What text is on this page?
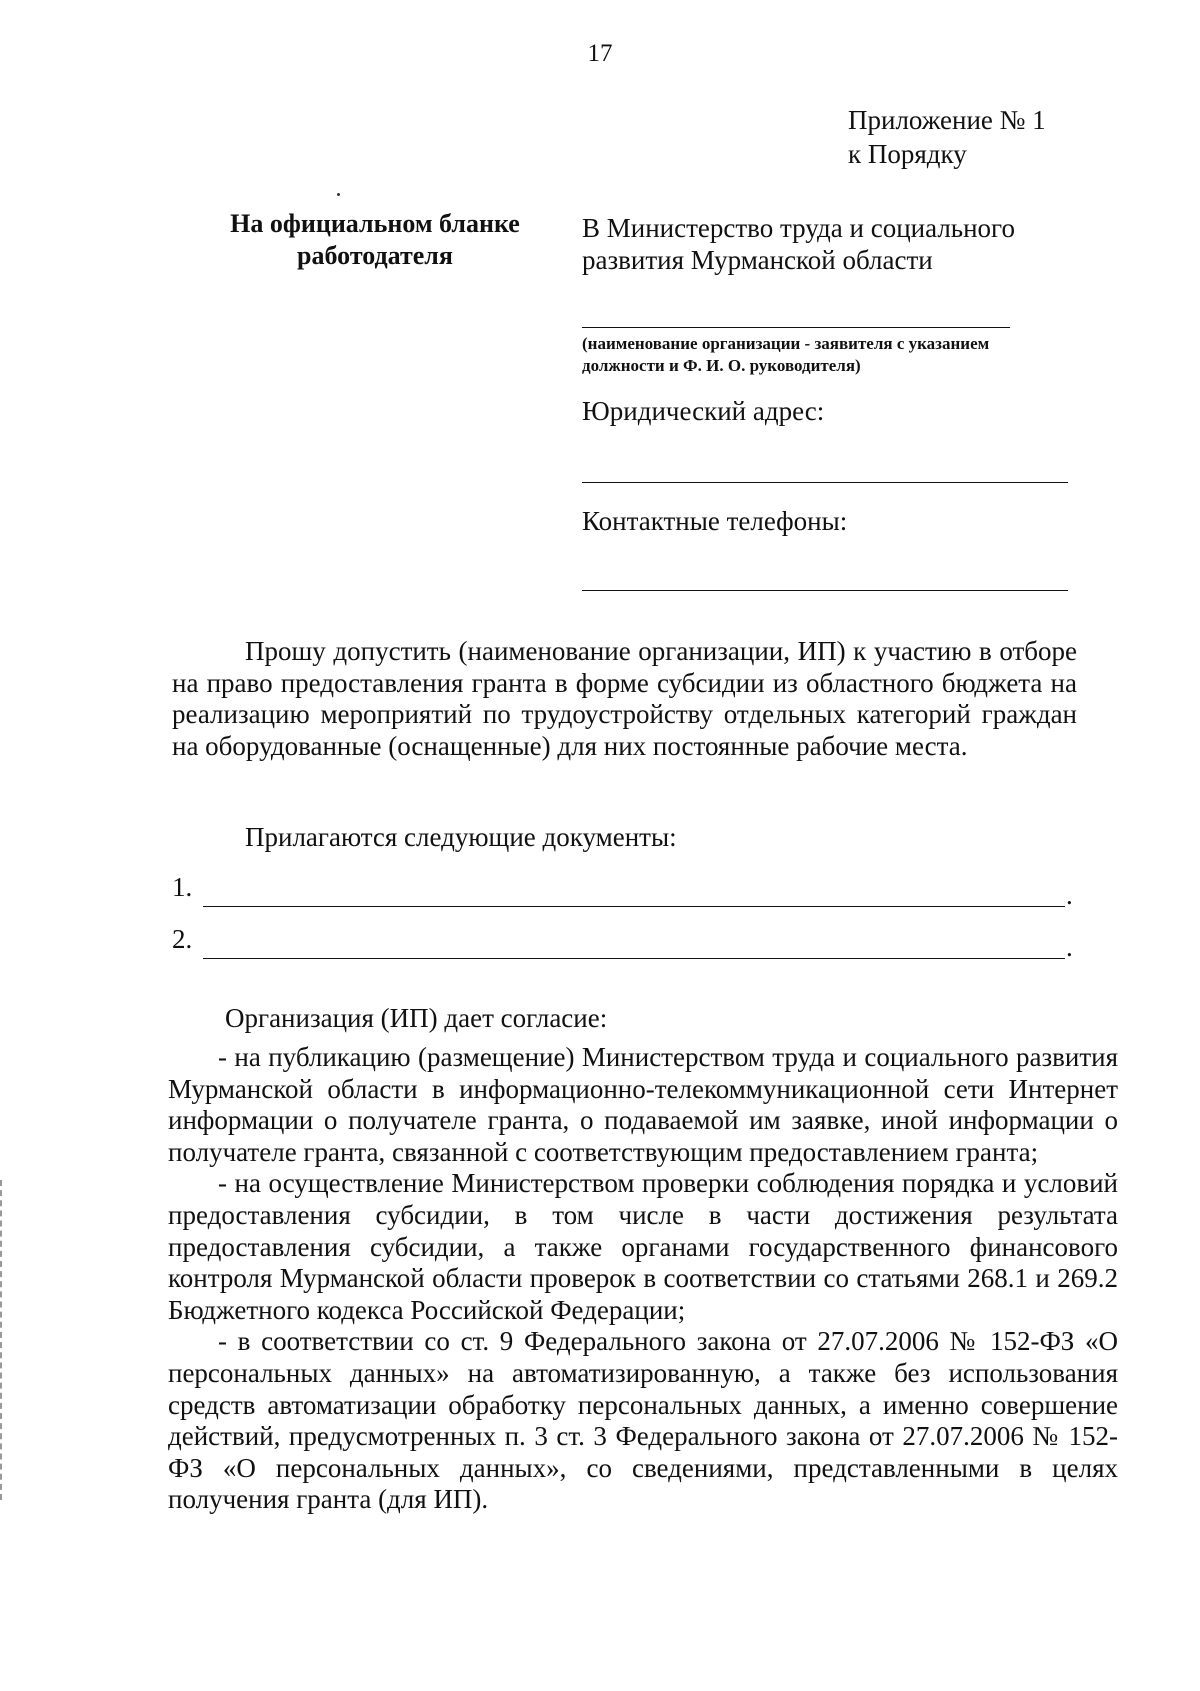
17
Приложение № 1
к Порядку
На официальном бланке
работодателя
В Министерство труда и социального
развития Мурманской области
(наименование организации - заявителя с указанием
должности и Ф. И. О. руководителя)
Юридический адрес:
Контактные телефоны:
Прошу допустить (наименование организации, ИП) к участию в отборе на право предоставления гранта в форме субсидии из областного бюджета на реализацию мероприятий по трудоустройству отдельных категорий граждан на оборудованные (оснащенные) для них постоянные рабочие места.
Прилагаются следующие документы:
1.	.
2.	.
Организация (ИП) дает согласие:
- на публикацию (размещение) Министерством труда и социального развития Мурманской области в информационно-телекоммуникационной сети Интернет информации о получателе гранта, о подаваемой им заявке, иной информации о получателе гранта, связанной с соответствующим предоставлением гранта;
- на осуществление Министерством проверки соблюдения порядка и условий предоставления субсидии, в том числе в части достижения результата предоставления субсидии, а также органами государственного финансового контроля Мурманской области проверок в соответствии со статьями 268.1 и 269.2 Бюджетного кодекса Российской Федерации;
- в соответствии со ст. 9 Федерального закона от 27.07.2006 № 152-ФЗ «О персональных данных» на автоматизированную, а также без использования средств автоматизации обработку персональных данных, а именно совершение действий, предусмотренных п. 3 ст. 3 Федерального закона от 27.07.2006 № 152-ФЗ «О персональных данных», со сведениями, представленными в целях получения гранта (для ИП).
